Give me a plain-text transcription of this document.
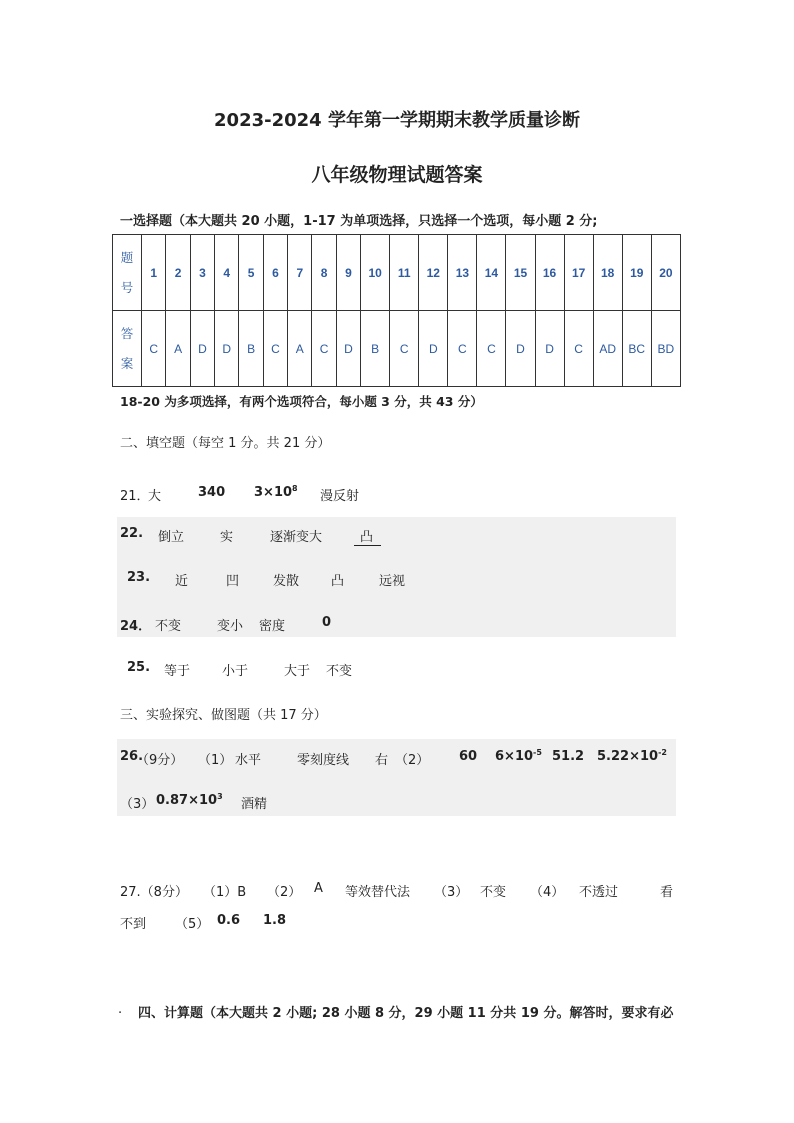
2023-2024 学年第一学期期末教学质量诊断
八年级物理试题答案
一选择题（本大题共 20 小题，1-17 为单项选择，只选择一个选项，每小题 2 分;
题
号	1	2	3	4	5	6	7	8	9	10	11	12	13	14	15	16	17	18	19	20

答
案	C	A	D	D	B	C	A	C	D	B	C	D	C	C	D	D	C	AD	BC	BD
18-20 为多项选择，有两个选项符合，每小题 3 分，共 43 分）
二、填空题（每空 1 分。共 21 分）
21．
大	340 $3\times 10^8$
漫反射
22. 倒立	实	逐渐变大	凸
23. 近	凹	发散 凸	远视
24． 不变	变小 密度	0
25. 等于 小于	大于 不变
三、实验探究、做图题（共 17 分）
26.
（9分） （1） 水平	零刻度线 右 （2） 60 $6\times 10^{-5}$ 51.2 $5.22\times 10^{-2}$
（3） $0.87\times 10^3$
酒精
27.（8分） （1）B （2） A 等效替代法 （3） 不变 （4） 不透过	看
不到 （5） 0.6 1.8
. 四、计算题（本大题共 2 小题; 28 小题 8 分，29 小题 11 分共 19 分。解答时，要求有必
